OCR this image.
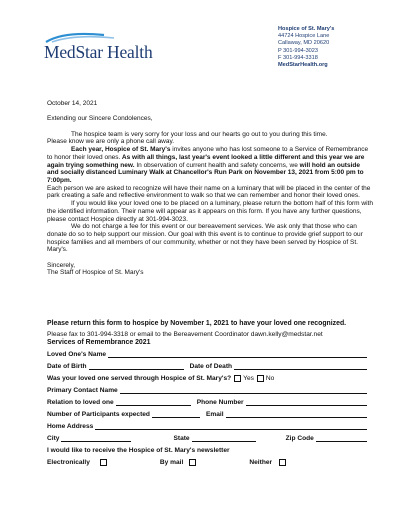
MedStar Health
Hospice of St. Mary's
44724 Hospice Lane
Callaway, MD 20620
P 301-994-3023
F 301-994-3318
MedStarHealth.org

October 14, 2021

Extending our Sincere Condolences,

The hospice team is very sorry for your loss and our hearts go out to you during this time.
Please know we are only a phone call away.

Each year, Hospice of St. Mary's invites anyone who has lost someone to a Service of Remembrance to honor their loved ones. As with all things, last year's event looked a little different and this year we are again trying something new. In observation of current health and safety concerns, we will hold an outside and socially distanced Luminary Walk at Chancellor's Run Park on November 13, 2021 from 5:00 pm to 7:00pm.

Each person we are asked to recognize will have their name on a luminary that will be placed in the center of the park creating a safe and reflective environment to walk so that we can remember and honor their loved ones.

If you would like your loved one to be placed on a luminary, please return the bottom half of this form with the identified information. Their name will appear as it appears on this form. If you have any further questions, please contact Hospice directly at 301-994-3023.

We do not charge a fee for this event or our bereavement services. We ask only that those who can donate do so to help support our mission. Our goal with this event is to continue to provide grief support to our hospice families and all members of our community, whether or not they have been served by Hospice of St. Mary's.

Sincerely,

The Staff of Hospice of St. Mary's

Please return this form to hospice by November 1, 2021 to have your loved one recognized.
Please fax to 301-994-3318 or email to the Bereavement Coordinator dawn.kelly@medstar.net
Services of Remembrance 2021
Loved One's Name
Date of Birth	Date of Death
Was your loved one served through Hospice of St. Mary's? Yes No
Primary Contact Name
Relation to loved one	Phone Number
Number of Participants expected	Email
Home Address
City	State	Zip Code
I would like to receive the Hospice of St. Mary's newsletter
Electronically	By mail	Neither
